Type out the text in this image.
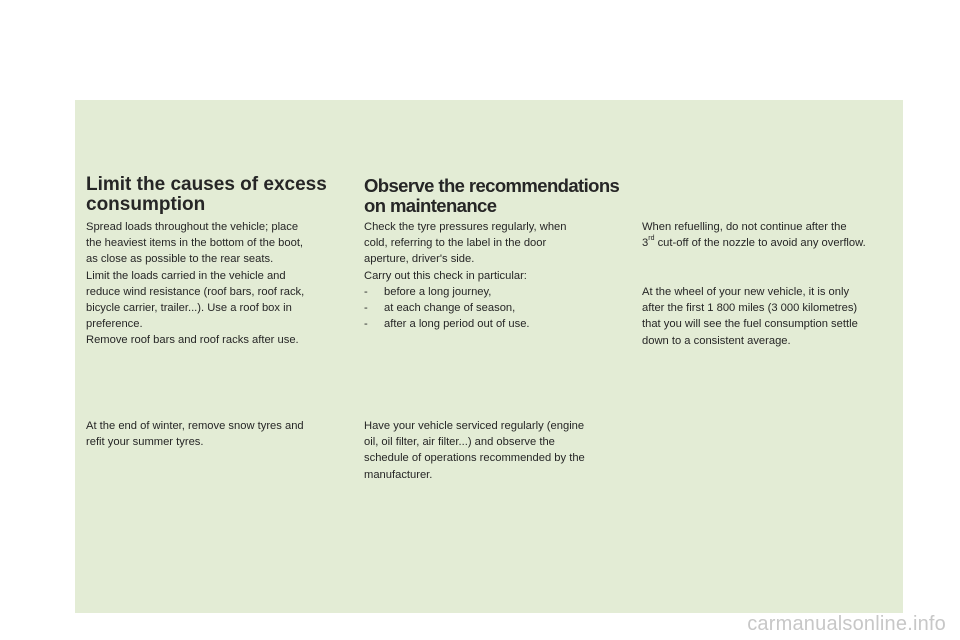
Limit the causes of excess
consumption

Spread loads throughout the vehicle; place
the heaviest items in the bottom of the boot,
as close as possible to the rear seats.
Limit the loads carried in the vehicle and
reduce wind resistance (roof bars, roof rack,
bicycle carrier, trailer...). Use a roof box in
preference.
Remove roof bars and roof racks after use.

At the end of winter, remove snow tyres and
refit your summer tyres.

Observe the recommendations
on maintenance

Check the tyre pressures regularly, when
cold, referring to the label in the door
aperture, driver's side.
Carry out this check in particular:
- before a long journey,
- at each change of season,
- after a long period out of use.

Have your vehicle serviced regularly (engine
oil, oil filter, air filter...) and observe the
schedule of operations recommended by the
manufacturer.

When refuelling, do not continue after the
3rd cut-off of the nozzle to avoid any overflow.

At the wheel of your new vehicle, it is only
after the first 1 800 miles (3 000 kilometres)
that you will see the fuel consumption settle
down to a consistent average.

carmanualsonline.info
